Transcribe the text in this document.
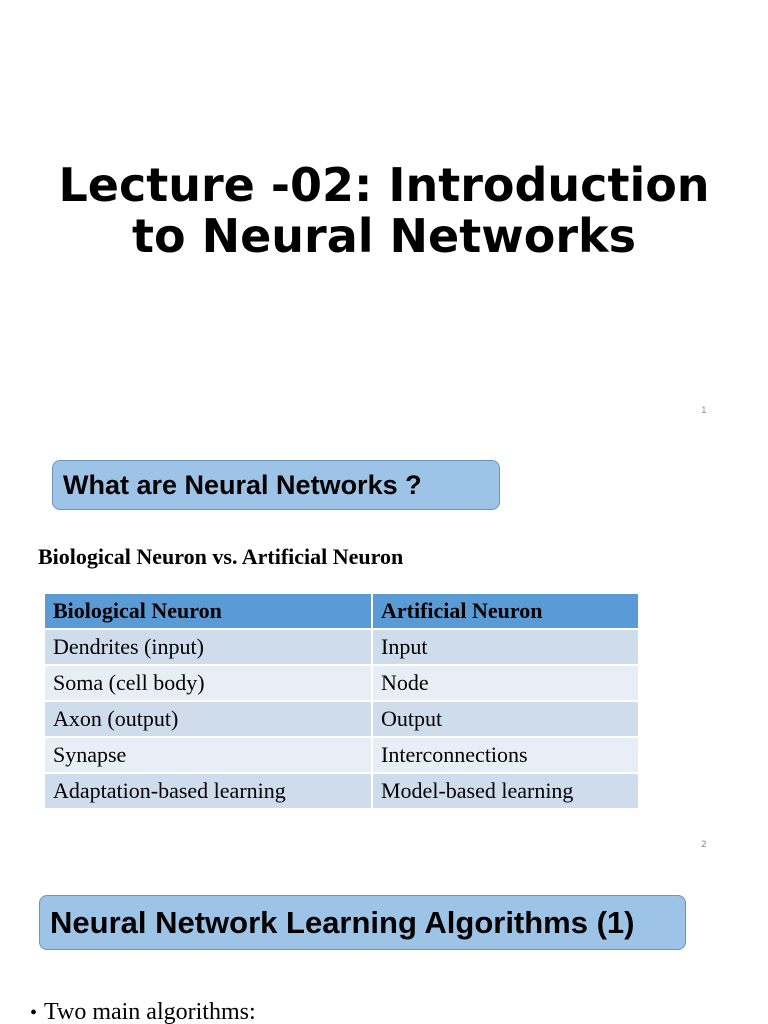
Lecture -02: Introduction
to Neural Networks
1
What are Neural Networks ?
Biological Neuron vs. Artificial Neuron
Biological Neuron	Artificial Neuron
Dendrites (input)	Input
Soma (cell body)	Node
Axon (output)	Output
Synapse	Interconnections
Adaptation-based learning	Model-based learning
2
Neural Network Learning Algorithms (1)
• Two main algorithms:
